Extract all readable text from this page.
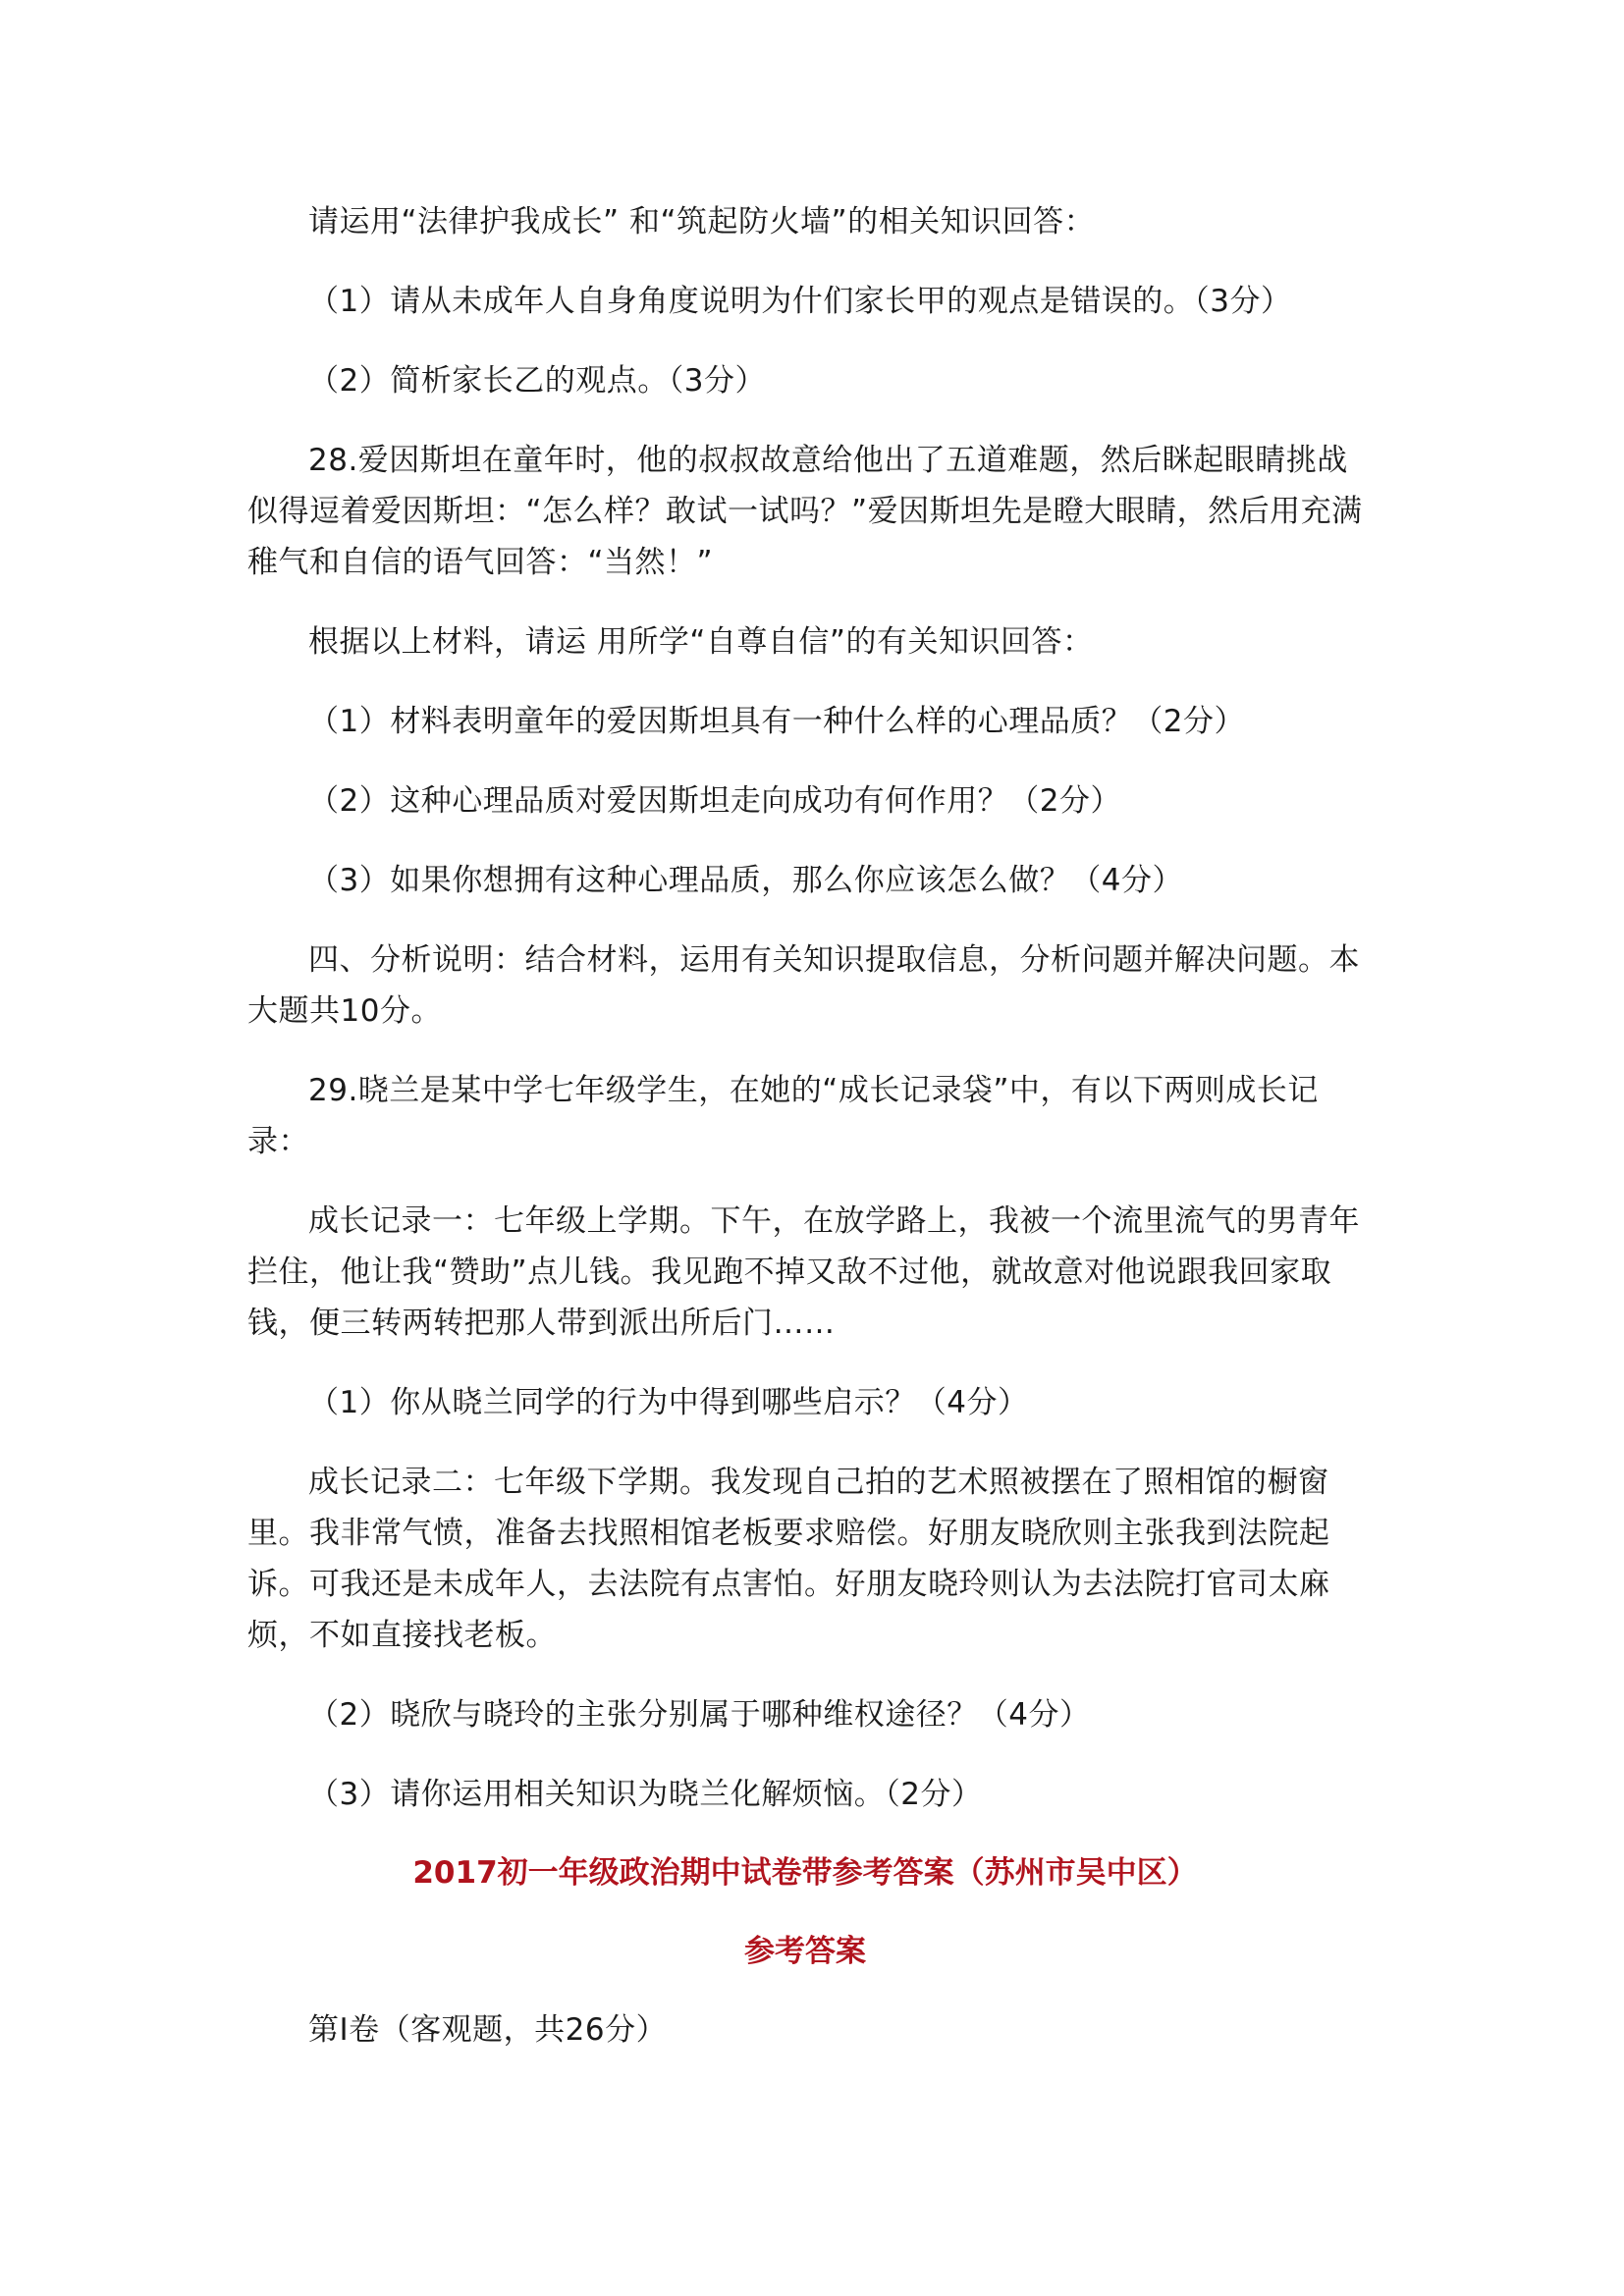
请运用“法律护我成长” 和“筑起防火墙”的相关知识回答：

（1）请从未成年人自身角度说明为什们家长甲的观点是错误的。（3分）

（2）简析家长乙的观点。（3分）

28.爱因斯坦在童年时，他的叔叔故意给他出了五道难题，然后眯起眼睛挑战似得逗着爱因斯坦：“怎么样？敢试一试吗？”爱因斯坦先是瞪大眼睛，然后用充满稚气和自信的语气回答：“当然！”

根据以上材料，请运 用所学“自尊自信”的有关知识回答：

（1）材料表明童年的爱因斯坦具有一种什么样的心理品质？（2分）

（2）这种心理品质对爱因斯坦走向成功有何作用？（2分）

（3）如果你想拥有这种心理品质，那么你应该怎么做？（4分）

四、分析说明：结合材料，运用有关知识提取信息，分析问题并解决问题。本大题共10分。

29.晓兰是某中学七年级学生，在她的“成长记录袋”中，有以下两则成长记录：

成长记录一：七年级上学期。下午，在放学路上，我被一个流里流气的男青年拦住，他让我“赞助”点儿钱。我见跑不掉又敌不过他，就故意对他说跟我回家取钱，便三转两转把那人带到派出所后门……

（1）你从晓兰同学的行为中得到哪些启示？（4分）

成长记录二：七年级下学期。我发现自己拍的艺术照被摆在了照相馆的橱窗里。我非常气愤，准备去找照相馆老板要求赔偿。好朋友晓欣则主张我到法院起诉。可我还是未成年人，去法院有点害怕。好朋友晓玲则认为去法院打官司太麻烦，不如直接找老板。

（2）晓欣与晓玲的主张分别属于哪种维权途径？（4分）

（3）请你运用相关知识为晓兰化解烦恼。（2分）

2017初一年级政治期中试卷带参考答案（苏州市吴中区）

参考答案

第Ⅰ卷（客观题，共26分）
